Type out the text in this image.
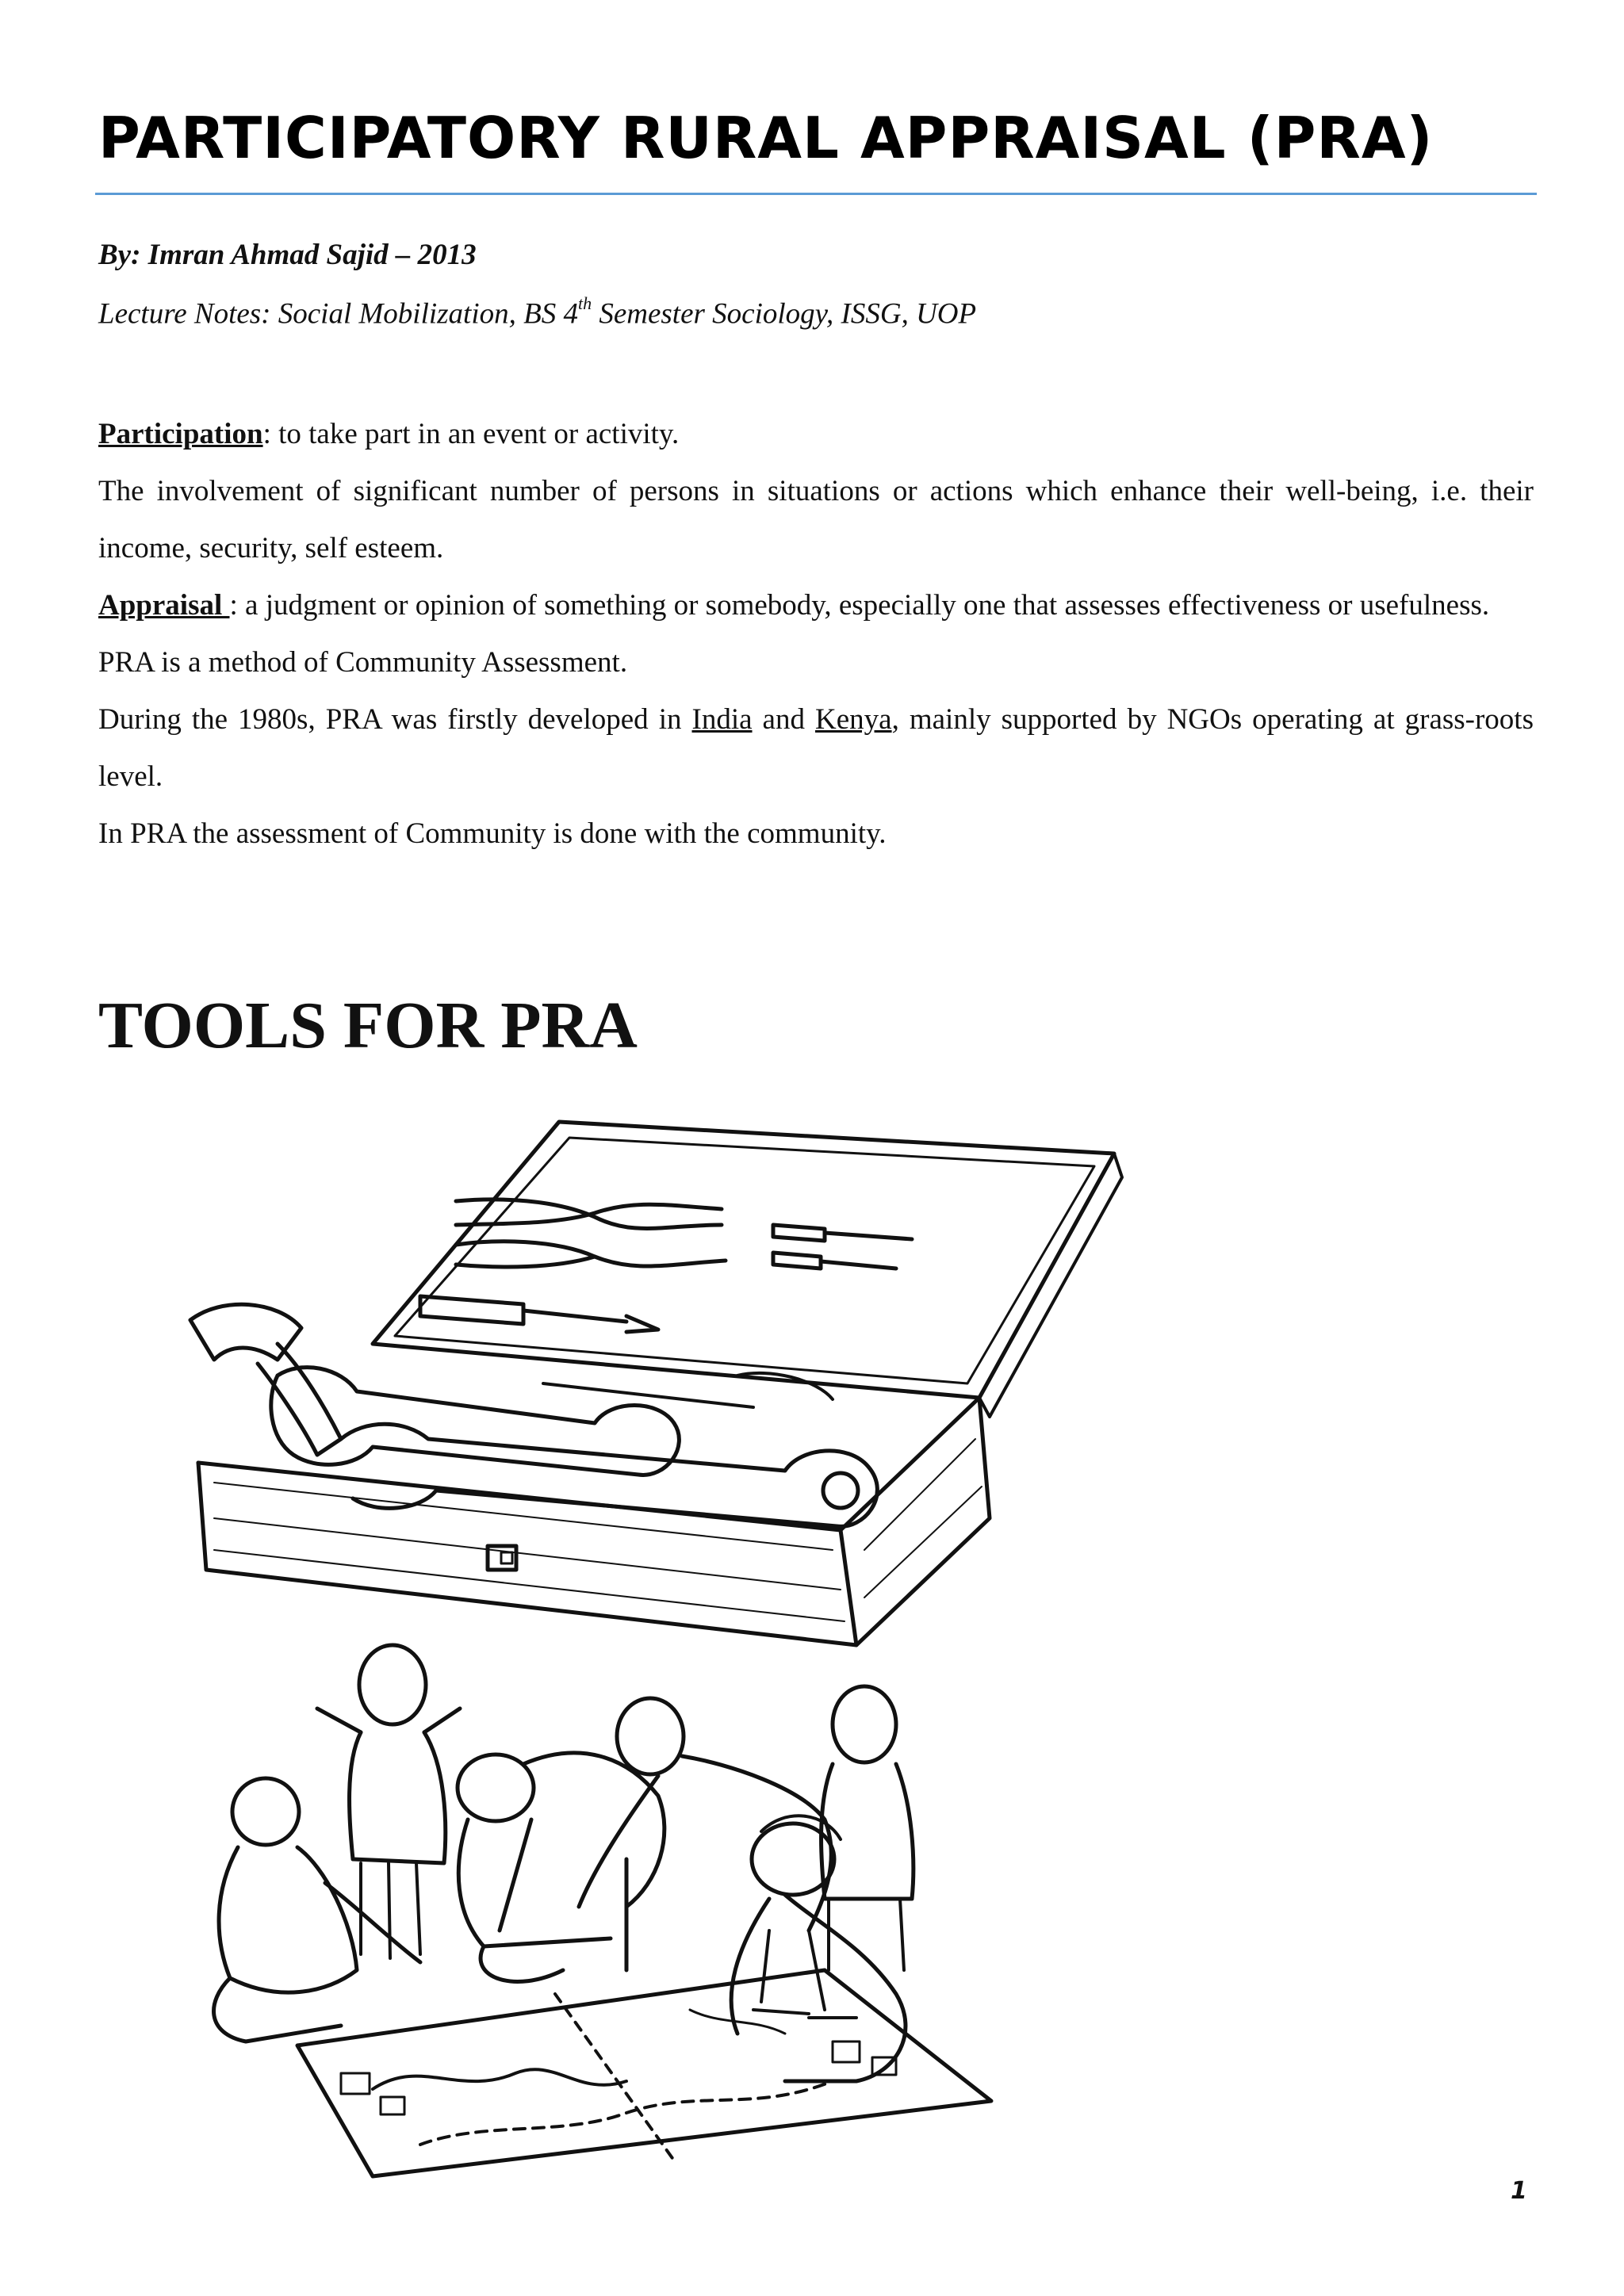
PARTICIPATORY RURAL APPRAISAL (PRA)
By: Imran Ahmad Sajid – 2013
Lecture Notes: Social Mobilization, BS 4th Semester Sociology, ISSG, UOP

Participation: to take part in an event or activity.

The involvement of significant number of persons in situations or actions which enhance their well-being, i.e. their income, security, self esteem.

Appraisal : a judgment or opinion of something or somebody, especially one that assesses effectiveness or usefulness.

PRA is a method of Community Assessment.

During the 1980s, PRA was firstly developed in India and Kenya, mainly supported by NGOs operating at grass-roots level.

In PRA the assessment of Community is done with the community.

TOOLS FOR PRA
1
